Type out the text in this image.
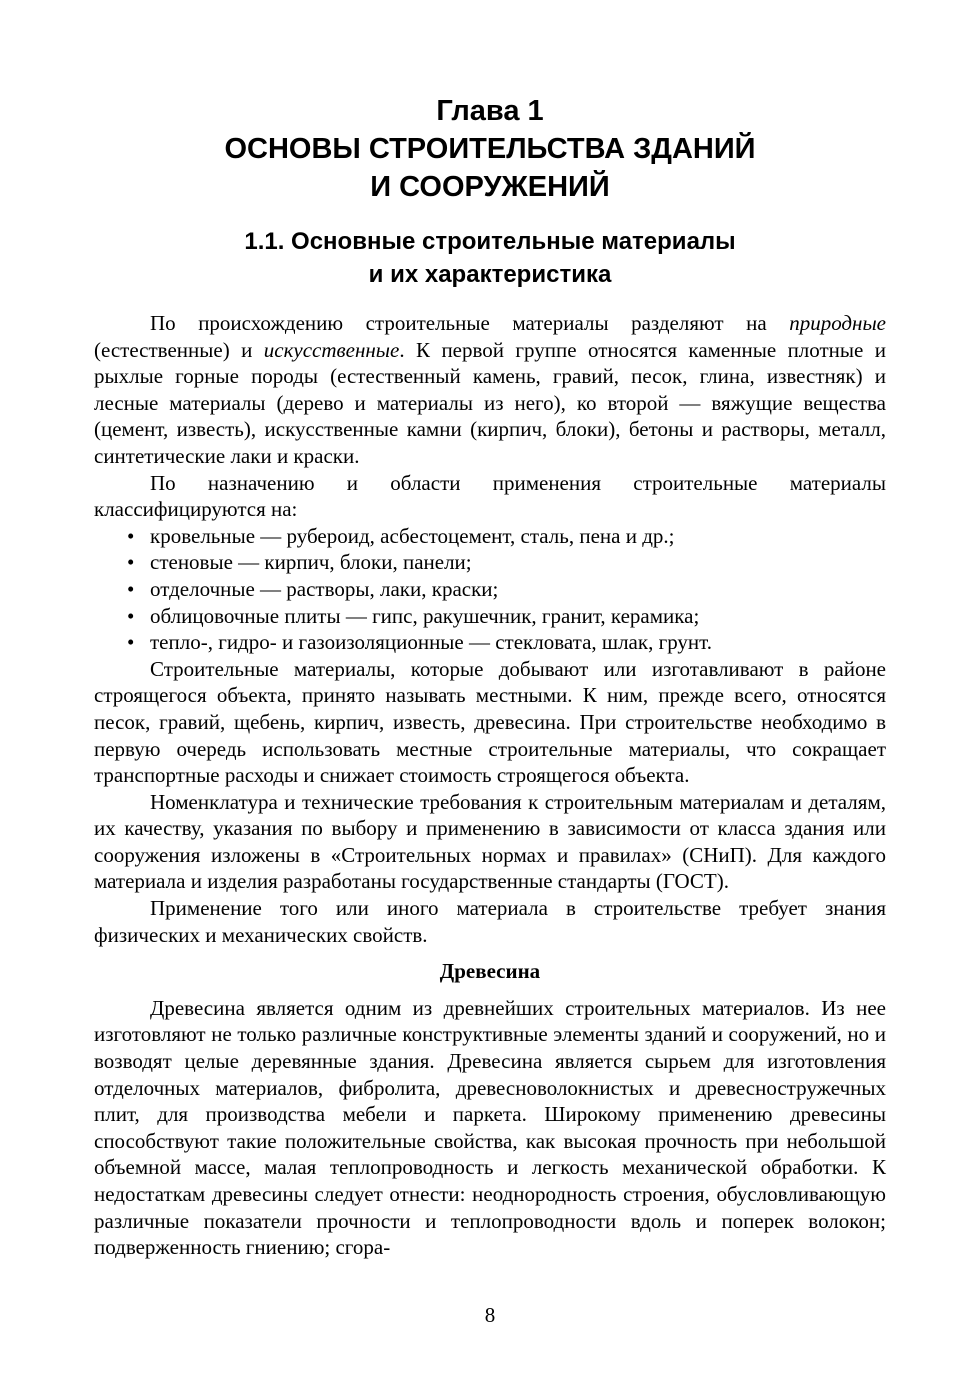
Глава 1
ОСНОВЫ СТРОИТЕЛЬСТВА ЗДАНИЙ
И СООРУЖЕНИЙ
1.1. Основные строительные материалы
и их характеристика

По происхождению строительные материалы разделяют на природные (естественные) и искусственные. К первой группе относятся каменные плотные и рыхлые горные породы (естественный камень, гравий, песок, глина, известняк) и лесные материалы (дерево и материалы из него), ко второй — вяжущие вещества (цемент, известь), искусственные камни (кирпич, блоки), бетоны и растворы, металл, синтетические лаки и краски.

По назначению и области применения строительные материалы классифицируются на:

• кровельные — рубероид, асбестоцемент, сталь, пена и др.;
• стеновые — кирпич, блоки, панели;
• отделочные — растворы, лаки, краски;
• облицовочные плиты — гипс, ракушечник, гранит, керамика;
• тепло-, гидро- и газоизоляционные — стекловата, шлак, грунт.

Строительные материалы, которые добывают или изготавливают в районе строящегося объекта, принято называть местными. К ним, прежде всего, относятся песок, гравий, щебень, кирпич, известь, древесина. При строительстве необходимо в первую очередь использовать местные строительные материалы, что сокращает транспортные расходы и снижает стоимость строящегося объекта.

Номенклатура и технические требования к строительным материалам и деталям, их качеству, указания по выбору и применению в зависимости от класса здания или сооружения изложены в «Строительных нормах и правилах» (СНиП). Для каждого материала и изделия разработаны государственные стандарты (ГОСТ).

Применение того или иного материала в строительстве требует знания физических и механических свойств.

Древесина

Древесина является одним из древнейших строительных материалов. Из нее изготовляют не только различные конструктивные элементы зданий и сооружений, но и возводят целые деревянные здания. Древесина является сырьем для изготовления отделочных материалов, фибролита, древесноволокнистых и древесностружечных плит, для производства мебели и паркета. Широкому применению древесины способствуют такие положительные свойства, как высокая прочность при небольшой объемной массе, малая теплопроводность и легкость механической обработки. К недостаткам древесины следует отнести: неоднородность строения, обусловливающую различные показатели прочности и теплопроводности вдоль и поперек волокон; подверженность гниению; сгора-

8
